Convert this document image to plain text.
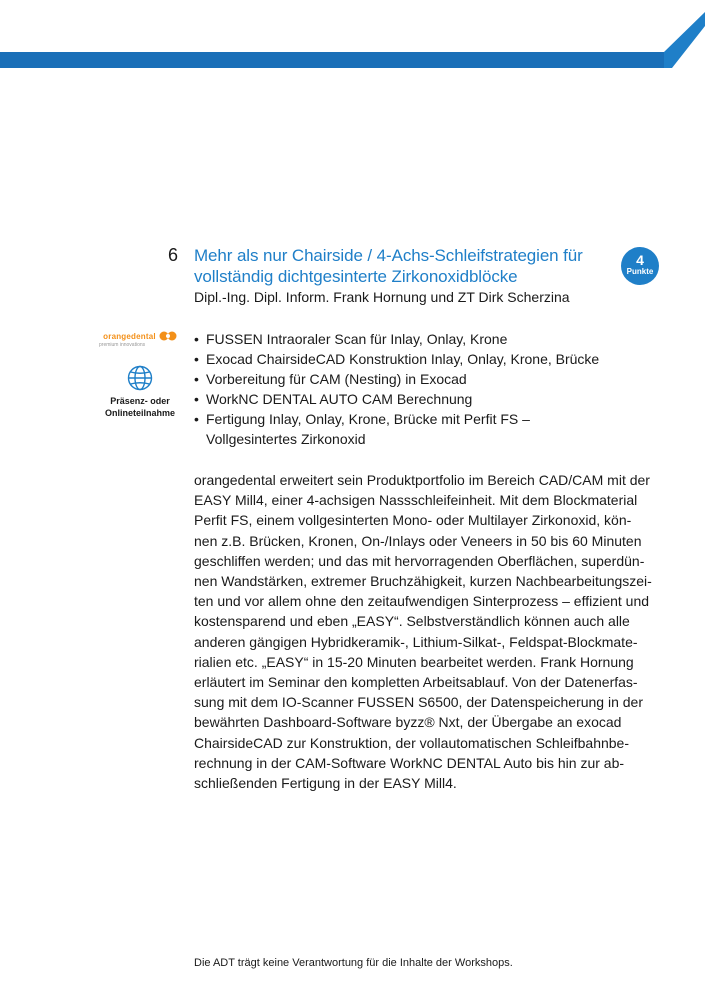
6 Mehr als nur Chairside / 4-Achs-Schleifstrategien für
vollständig dichtgesinterte Zirkonoxidblöcke
4
Punkte
Dipl.-Ing. Dipl. Inform. Frank Hornung und ZT Dirk Scherzina
orangedental
premium innovations
Präsenz- oder
Onlineteilnahme
• FUSSEN Intraoraler Scan für Inlay, Onlay, Krone
• Exocad ChairsideCAD Konstruktion Inlay, Onlay, Krone, Brücke
• Vorbereitung für CAM (Nesting) in Exocad
• WorkNC DENTAL AUTO CAM Berechnung
• Fertigung Inlay, Onlay, Krone, Brücke mit Perfit FS –
Vollgesintertes Zirkonoxid
orangedental erweitert sein Produktportfolio im Bereich CAD/CAM mit der
EASY Mill4, einer 4-achsigen Nassschleifeinheit. Mit dem Blockmaterial
Perfit FS, einem vollgesinterten Mono- oder Multilayer Zirkonoxid, kön-
nen z.B. Brücken, Kronen, On-/Inlays oder Veneers in 50 bis 60 Minuten
geschliffen werden; und das mit hervorragenden Oberflächen, superdün-
nen Wandstärken, extremer Bruchzähigkeit, kurzen Nachbearbeitungszei-
ten und vor allem ohne den zeitaufwendigen Sinterprozess – effizient und
kostensparend und eben „EASY“. Selbstverständlich können auch alle
anderen gängigen Hybridkeramik-, Lithium-Silkat-, Feldspat-Blockmate-
rialien etc. „EASY“ in 15-20 Minuten bearbeitet werden. Frank Hornung
erläutert im Seminar den kompletten Arbeitsablauf. Von der Datenerfas-
sung mit dem IO-Scanner FUSSEN S6500, der Datenspeicherung in der
bewährten Dashboard-Software byzz® Nxt, der Übergabe an exocad
ChairsideCAD zur Konstruktion, der vollautomatischen Schleifbahnbe-
rechnung in der CAM-Software WorkNC DENTAL Auto bis hin zur ab-
schließenden Fertigung in der EASY Mill4.
Die ADT trägt keine Verantwortung für die Inhalte der Workshops.
